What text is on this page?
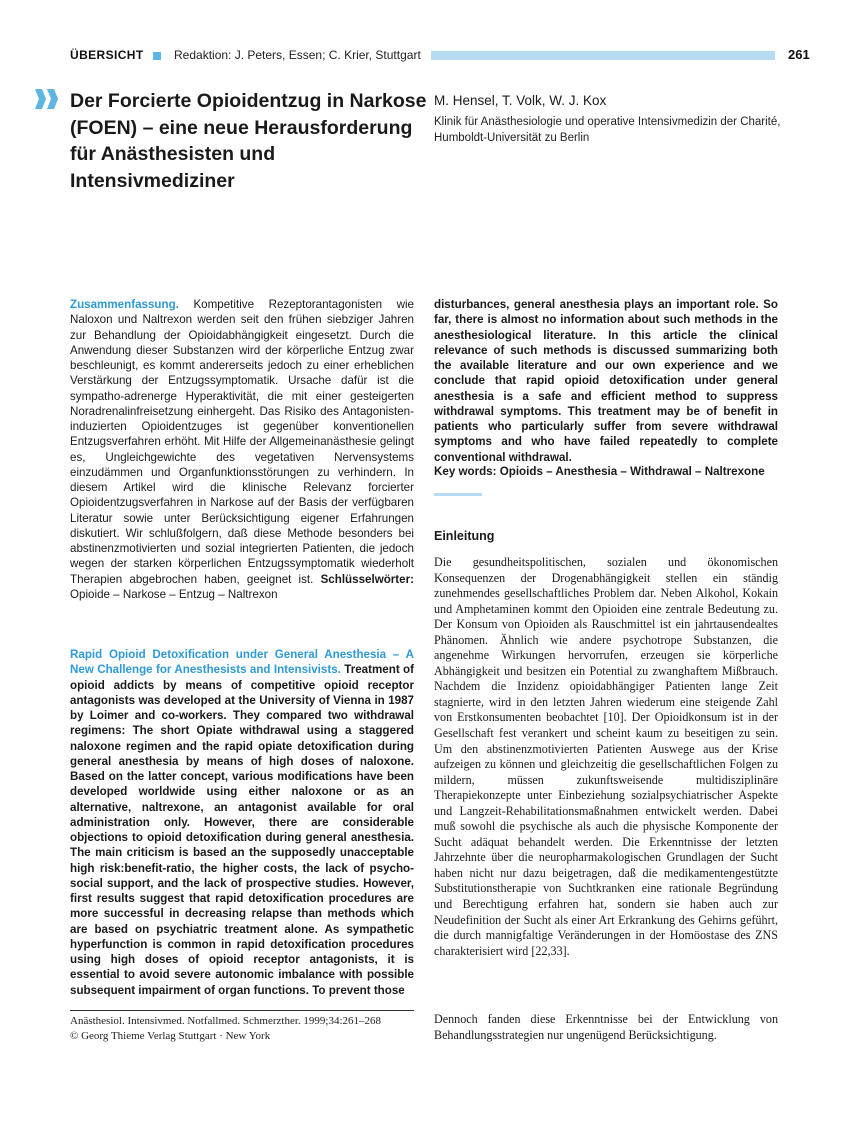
ÜBERSICHT	Redaktion: J. Peters, Essen; C. Krier, Stuttgart	261
Der Forcierte Opioidentzug in Narkose (FOEN) – eine neue Herausforderung für Anästhesisten und Intensivmediziner
M. Hensel, T. Volk, W. J. Kox
Klinik für Anästhesiologie und operative Intensivmedizin der Charité, Humboldt-Universität zu Berlin

Zusammenfassung. Kompetitive Rezeptorantagonisten wie Naloxon und Naltrexon werden seit den frühen siebziger Jahren zur Behandlung der Opioidabhängigkeit eingesetzt. Durch die Anwendung dieser Substanzen wird der körperliche Entzug zwar beschleunigt, es kommt andererseits jedoch zu einer erheblichen Verstärkung der Entzugssymptomatik. Ursache dafür ist die sympatho-adrenerge Hyperaktivität, die mit einer gesteigerten Noradrenalinfreisetzung einhergeht. Das Risiko des Antagonisten-induzierten Opioidentzuges ist gegenüber konventionellen Entzugsverfahren erhöht. Mit Hilfe der Allgemeinanästhesie gelingt es, Ungleichgewichte des vegetativen Nervensystems einzudämmen und Organfunktionsstörungen zu verhindern. In diesem Artikel wird die klinische Relevanz forcierter Opioidentzugsverfahren in Narkose auf der Basis der verfügbaren Literatur sowie unter Berücksichtigung eigener Erfahrungen diskutiert. Wir schlußfolgern, daß diese Methode besonders bei abstinenzmotivierten und sozial integrierten Patienten, die jedoch wegen der starken körperlichen Entzugssymptomatik wiederholt Therapien abgebrochen haben, geeignet ist. Schlüsselwörter: Opioide – Narkose – Entzug – Naltrexon

Rapid Opioid Detoxification under General Anesthesia – A New Challenge for Anesthesists and Intensivists. Treatment of opioid addicts by means of competitive opioid receptor antagonists was developed at the University of Vienna in 1987 by Loimer and co-workers. They compared two withdrawal regimens: The short Opiate withdrawal using a staggered naloxone regimen and the rapid opiate detoxification during general anesthesia by means of high doses of naloxone. Based on the latter concept, various modifications have been developed worldwide using either naloxone or as an alternative, naltrexone, an antagonist available for oral administration only. However, there are considerable objections to opioid detoxification during general anesthesia. The main criticism is based an the supposedly unacceptable high risk:benefit-ratio, the higher costs, the lack of psycho-social support, and the lack of prospective studies. However, first results suggest that rapid detoxification procedures are more successful in decreasing relapse than methods which are based on psychiatric treatment alone. As sympathetic hyperfunction is common in rapid detoxification procedures using high doses of opioid receptor antagonists, it is essential to avoid severe autonomic imbalance with possible subsequent impairment of organ functions. To prevent those

disturbances, general anesthesia plays an important role. So far, there is almost no information about such methods in the anesthesiological literature. In this article the clinical relevance of such methods is discussed summarizing both the available literature and our own experience and we conclude that rapid opioid detoxification under general anesthesia is a safe and efficient method to suppress withdrawal symptoms. This treatment may be of benefit in patients who particularly suffer from severe withdrawal symptoms and who have failed repeatedly to complete conventional withdrawal.

Key words: Opioids – Anesthesia – Withdrawal – Naltrexone
Einleitung
Die gesundheitspolitischen, sozialen und ökonomischen Konsequenzen der Drogenabhängigkeit stellen ein ständig zunehmendes gesellschaftliches Problem dar. Neben Alkohol, Kokain und Amphetaminen kommt den Opioiden eine zentrale Bedeutung zu. Der Konsum von Opioiden als Rauschmittel ist ein jahrtausendealtes Phänomen. Ähnlich wie andere psychotrope Substanzen, die angenehme Wirkungen hervorrufen, erzeugen sie körperliche Abhängigkeit und besitzen ein Potential zu zwanghaftem Mißbrauch. Nachdem die Inzidenz opioidabhängiger Patienten lange Zeit stagnierte, wird in den letzten Jahren wiederum eine steigende Zahl von Erstkonsumenten beobachtet [10]. Der Opioidkonsum ist in der Gesellschaft fest verankert und scheint kaum zu beseitigen zu sein. Um den abstinenzmotivierten Patienten Auswege aus der Krise aufzeigen zu können und gleichzeitig die gesellschaftlichen Folgen zu mildern, müssen zukunftsweisende multidisziplinäre Therapiekonzepte unter Einbeziehung sozialpsychiatrischer Aspekte und Langzeit-Rehabilitationsmaßnahmen entwickelt werden. Dabei muß sowohl die psychische als auch die physische Komponente der Sucht adäquat behandelt werden. Die Erkenntnisse der letzten Jahrzehnte über die neuropharmakologischen Grundlagen der Sucht haben nicht nur dazu beigetragen, daß die medikamentengestützte Substitutionstherapie von Suchtkranken eine rationale Begründung und Berechtigung erfahren hat, sondern sie haben auch zur Neudefinition der Sucht als einer Art Erkrankung des Gehirns geführt, die durch mannigfaltige Veränderungen in der Homöostase des ZNS charakterisiert wird [22,33].
Dennoch fanden diese Erkenntnisse bei der Entwicklung von Behandlungsstrategien nur ungenügend Berücksichtigung.
Anästhesiol. Intensivmed. Notfallmed. Schmerzther. 1999;34:261–268
© Georg Thieme Verlag Stuttgart · New York
